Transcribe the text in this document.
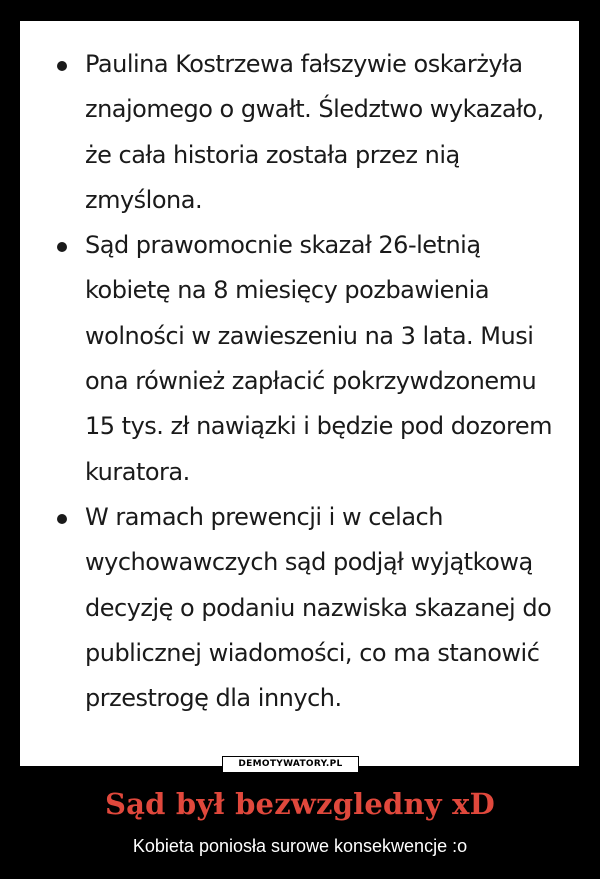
Paulina Kostrzewa fałszywie oskarżyła znajomego o gwałt. Śledztwo wykazało, że cała historia została przez nią zmyślona.
Sąd prawomocnie skazał 26-letnią kobietę na 8 miesięcy pozbawienia wolności w zawieszeniu na 3 lata. Musi ona również zapłacić pokrzywdzonemu 15 tys. zł nawiązki i będzie pod dozorem kuratora.
W ramach prewencji i w celach wychowawczych sąd podjął wyjątkową decyzję o podaniu nazwiska skazanej do publicznej wiadomości, co ma stanowić przestrogę dla innych.
DEMOTYWATORY.PL
Sąd był bezwzgledny xD
Kobieta poniosła surowe konsekwencje :o
